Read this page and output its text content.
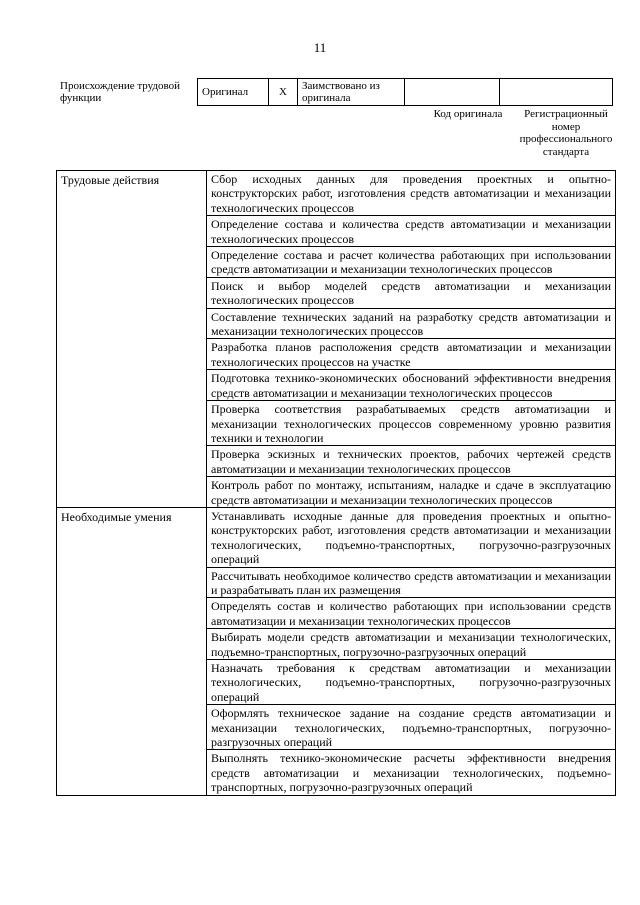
11
Происхождение трудовой функции	Оригинал	X	Заимствовано из оригинала		
Код оригинала	Регистрационный номер профессионального стандарта
Трудовые действия	Сбор исходных данных для проведения проектных и опытно-конструкторских работ, изготовления средств автоматизации и механизации технологических процессов
	Определение состава и количества средств автоматизации и механизации технологических процессов
	Определение состава и расчет количества работающих при использовании средств автоматизации и механизации технологических процессов
	Поиск и выбор моделей средств автоматизации и механизации технологических процессов
	Составление технических заданий на разработку средств автоматизации и механизации технологических процессов
	Разработка планов расположения средств автоматизации и механизации технологических процессов на участке
	Подготовка технико-экономических обоснований эффективности внедрения средств автоматизации и механизации технологических процессов
	Проверка соответствия разрабатываемых средств автоматизации и механизации технологических процессов современному уровню развития техники и технологии
	Проверка эскизных и технических проектов, рабочих чертежей средств автоматизации и механизации технологических процессов
	Контроль работ по монтажу, испытаниям, наладке и сдаче в эксплуатацию средств автоматизации и механизации технологических процессов
Необходимые умения	Устанавливать исходные данные для проведения проектных и опытно-конструкторских работ, изготовления средств автоматизации и механизации технологических, подъемно-транспортных, погрузочно-разгрузочных операций
	Рассчитывать необходимое количество средств автоматизации и механизации и разрабатывать план их размещения
	Определять состав и количество работающих при использовании средств автоматизации и механизации технологических процессов
	Выбирать модели средств автоматизации и механизации технологических, подъемно-транспортных, погрузочно-разгрузочных операций
	Назначать требования к средствам автоматизации и механизации технологических, подъемно-транспортных, погрузочно-разгрузочных операций
	Оформлять техническое задание на создание средств автоматизации и механизации технологических, подъемно-транспортных, погрузочно-разгрузочных операций
	Выполнять технико-экономические расчеты эффективности внедрения средств автоматизации и механизации технологических, подъемно-транспортных, погрузочно-разгрузочных операций
